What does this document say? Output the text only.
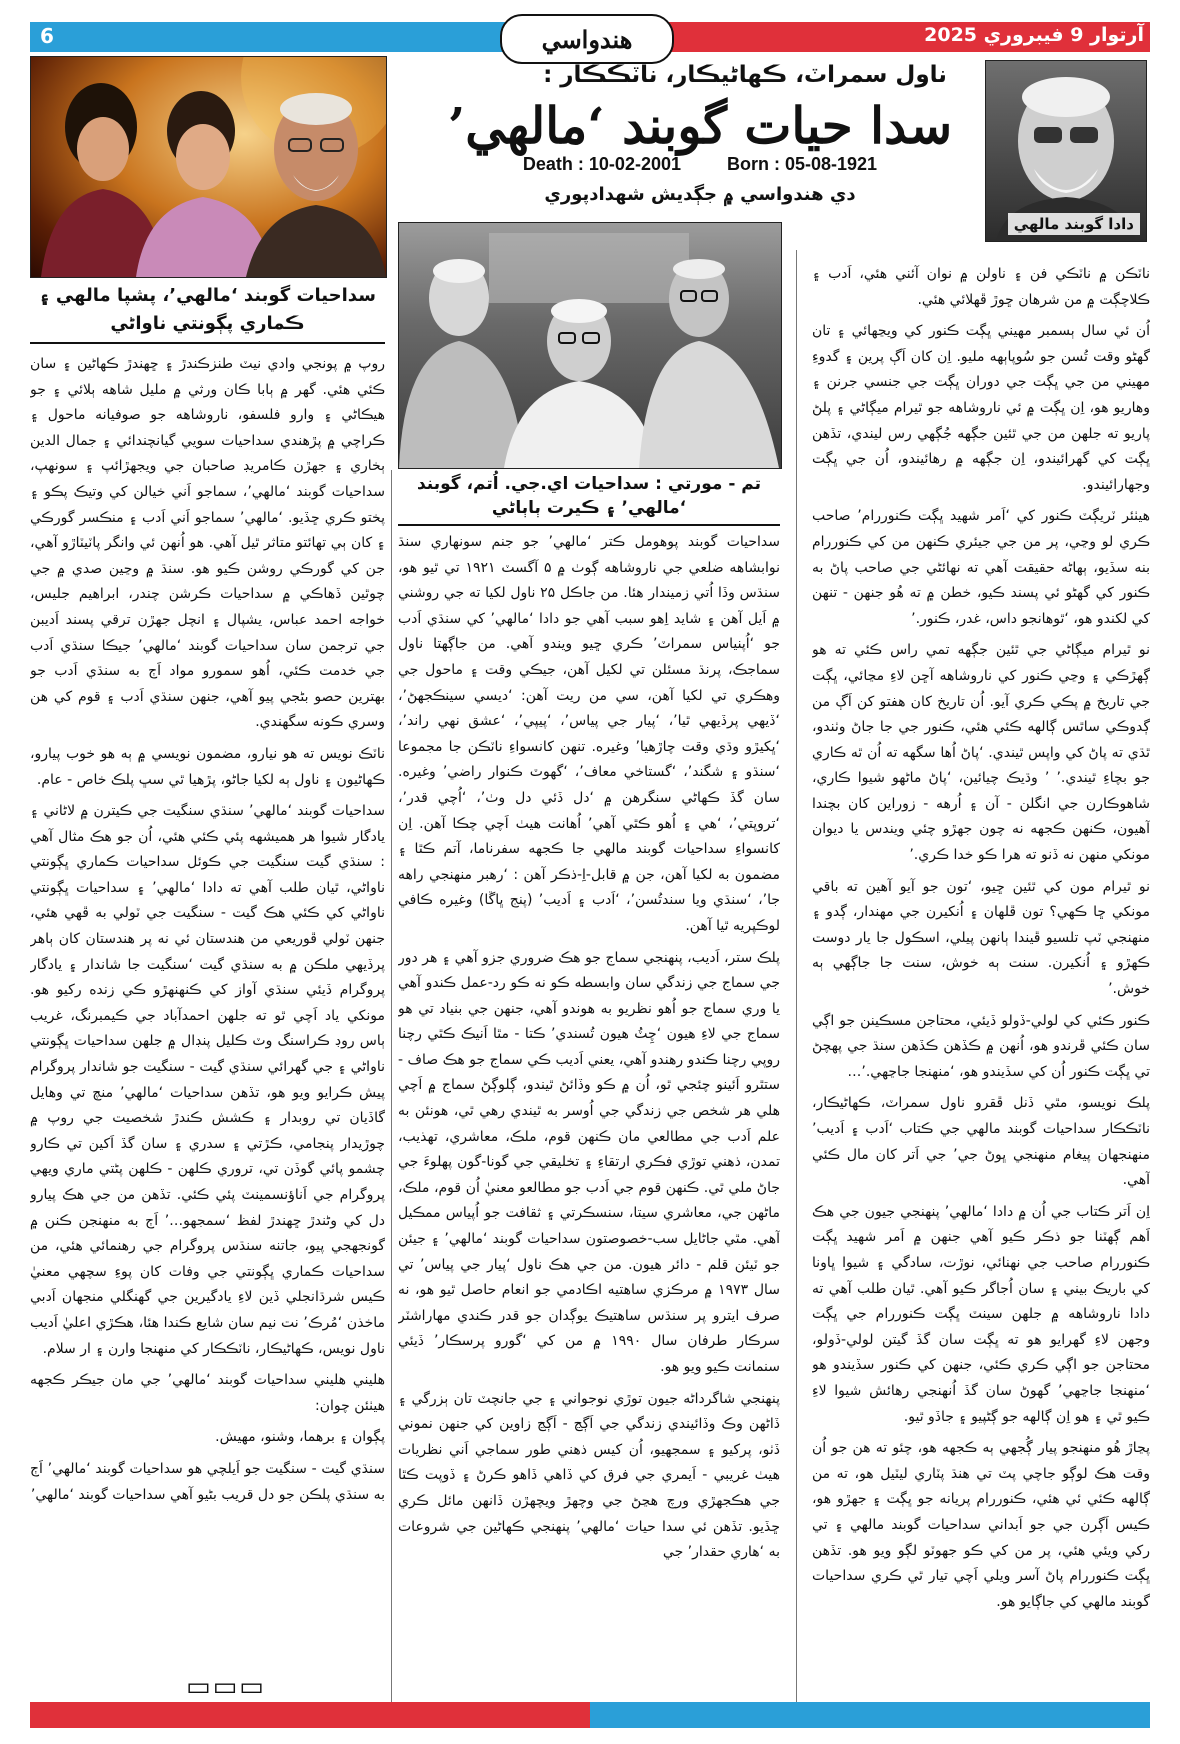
6	هندواسي	آرتوار 9 فيبروري 2025
سداحيات گوبند ‘مالهي’، پشپا مالهي ۽ ڪماري پڳونتي ناواڻي
ناول سمراٽ، ڪهاڻيڪار، ناٽڪڪار :
سدا حيات گوبند ‘مالهي’
Death : 10-02-2001	Born : 05-08-1921
دي هندواسي ۾ جڳديش شهدادپوري
تم - مورتي : سداحيات اي.جي. اُتم، گوبند ‘مالهي’ ۽ ڪيرت ٻاٻاڻي
دادا گوبند مالهي

ناٽڪن ۾ ناٽڪي فن ۽ ناولن ۾ نوان آئني هئي، اَدب ۽ ڪلاچڳت ۾ من شرهان ڇوڙ ڦهلائي هئي.

اُن ئي سال ٻسمبر مهيني ڀڳت ڪنور کي ويڃهائي ۽ تان گهڻو وقت تُسن جو سُوپاٻهه مليو. اِن کان اَڳ پرين ۽ گدوءِ مهيني من جي ڀڳت جي دوران ڀڳت جي جنسي جرنن ۽ وهاريو هو، اِن ڀڳت ۾ ئي ناروشاهه جو ٿيرام ميڳاڻي ۽ پلڻ پاريو ته جلهن من جي ٿئين جڳهه جُڳهي رس ليندي، تڏهن ڀڳت کي گهرائيندو، اِن جڳهه ۾ رهائيندو، اُن جي ڀڳت وجهارائيندو.

هيٺئر ٽريڳٽ ڪنور کي ‘اَمر شهيد ڀڳت ڪنوررام’ صاحب ڪري لو وڃي، پر من جي جيئري ڪنهن من کي ڪنوررام بنه سڏيو، ٻهاڻه حقيقت آهي ته نهائڻي جي صاحب پاڻ به ڪنور کي گهڻو ئي پسند ڪيو، خطن ۾ ته هُو جنهن - تنهن کي لکندو هو، ‘ٿوهانجو داس، غدر، ڪنور.’

نو ٿيرام ميڳاڻي جي ٿئين جڳهه تمي راس ڪئي ته هو ڳهڙڪي ۽ وڃي ڪنور کي ناروشاهه آڇن لاءِ مڃائي، ڀڳت جي تاريخ ۾ پڪي ڪري آيو. اُن تاريخ کان هفتو کن اَڳ من ڳدوڪي ساٿس ڳالهه ڪئي هئي، ڪنور جي جا جاڻ وٺندو، ٿڌي ته پاڻ کي واپس ٿيندي. ‘پاڻ اُها سگهه ته اُن ٿه ڪاري جو بچاءِ ٿيندي.’ ’ وڌيڪ چيائين، ‘پاڻ ماڻهو شيوا ڪاري، شاهوڪارن جي انگلن - آن ۽ اُرهه - زوراين کان بچندا آهيون، ڪنهن ڪجهه نه چون جهڙو چئي ويندس يا ديوان مونکي منهن نه ڏنو ته هرا ڪو خدا ڪري.’

نو ٿيرام مون کي ٿئين ڇيو، ‘تون جو آيو آهين ته باقي مونکي ڇا ڪهي؟ تون ڦلهان ۽ اُنکيرن جي مهندار، ڳدو ۽ منهنجي ٽپ تلسيو ڦيندا ٻانهن پيلي، اسڪول جا يار دوست ڪهڙو ۽ اُنکيرن. سنت ٻه خوش، سنت جا جاڳهي ٻه خوش.’

ڪنور ڪئي کي لولي-ڏولو ڏيئي، محتاجن مسڪينن جو اڳي سان ڪئي ڦرندو هو، اُنهن ۾ ڪڏهن ڪڏهن سنڌ جي پهچڻ تي ڀڳت ڪنور اُن کي سڏيندو هو، ‘منهنجا جاڃهي.’…

پلڪ نويسو، مٿي ڏنل ڦقرو ناول سمراٽ، ڪهاڻيڪار، ناٽڪڪار سداحيات گوبند مالهي جي ڪتاب ‘اَدب ۽ اَديب’ منهنجهان پيغام منهنجي ڀوڻ جي’ جي اَتر کان مال ڪئي آهي.

اِن اَتر ڪتاب جي اُن ۾ دادا ‘مالهي’ پنهنجي جيون جي هڪ اَهم ڳهٽنا جو ذڪر ڪيو آهي جنهن ۾ اَمر شهيد ڀڳت ڪنوررام صاحب جي نهنائي، نوڙت، سادگي ۽ شيوا ڀاونا کي باريڪ بيني ۽ سان اُجاگر ڪيو آهي. ٿيان طلب آهي ته دادا ناروشاهه ۾ جلهن سينٽ ڀڳت ڪنوررام جي ڀڳت وجهن لاءِ گهرايو هو ته ڀڳت سان گڏ گيتن لولي-ڏولو، محتاجن جو اڳي ڪري ڪئي، جنهن کي ڪنور سڏيندو هو ‘منهنجا جاڃهي’ گهوڻ سان گڏ اُنهنجي رهائش شيوا لاءِ ڪيو ٿي ۽ هو اِن ڳالهه جو ڳڻپيو ۽ جاڏو ٿيو.

پڃاڙ هُو منهنجو پيار ڳُجهي ٻه ڪجهه هو، چئو ته هن جو اُن وقت هڪ لوڳو جاچي پٽ تي هنڌ پٽاري ليٽيل هو، ته من ڳالهه ڪئي ئي هئي، ڪنوررام پريانه جو ڀڳت ۽ جهڙو هو، ڪيس اَڳرن جي جو اَبداني سداحيات گوبند مالهي ۽ تي رکي ويئي هئي، پر من کي ڪو جهوٽو لڳو ويو هو. تڏهن ڀڳت ڪنوررام پاڻ آسر ويلي اَچي تيار ٿي ڪري سداحيات گوبند مالهي کي جاڳايو هو.

سداحيات گوبند پوهومل ڪتر ‘مالهي’ جو جنم سونهاري سنڌ نوابشاهه ضلعي جي ناروشاهه ڳوٺ ۾ ۵ آگسٽ ۱۹۲۱ تي ٿيو هو، سنڌس وڏا اُتي زميندار هئا. من جاڪل ۲۵ ناول لکيا ته جي روشني ۾ اَيل آهن ۽ شايد اِهو سبب آهي جو دادا ‘مالهي’ کي سنڌي اَدب جو ‘اُپنياس سمراٽ’ ڪري ڇيو ويندو آهي. من جاڳهتا ناول سماجڪ، پرنڌ مسئلن تي لکيل آهن، جيڪي وقت ۽ ماحول جي وهڪري تي لکيا آهن، سي من ريت آهن: ‘ديسي سينڪجهڻ’، ‘ڏيهي پرڏيهي ٿيا’، ‘پيار جي پياس’، ‘پيپي’، ‘عشق نهي راند’، ‘ڀکيڙو وڌي وقت چاڙهيا’ وغيره. تنهن کانسواءِ ناٽڪن جا مجموعا ‘سنڌو ۽ شگند’، ‘گستاخي معاف’، ‘گهوٽ ڪنوار راضي’ وغيره. سان گڏ ڪهاڻي سنگرهن ۾ ‘دل ڏئي دل وٺ’، ‘اُچي قدر’، ‘تروپتي’، ‘هي ۽ اُهو ڪٿي آهي’ اُهانت هيٺ اَچي چڪا آهن. اِن کانسواءِ سداحيات گوبند مالهي جا ڪجهه سفرناما، آتم ڪٿا ۽ مضمون به لکيا آهن، جن ۾ قابل-اِ-ذڪر آهن : ‘رهبر منهنجي راهه جا’، ‘سنڌي ويا سندتُسن’، ‘اَدب ۽ اَديب’ (پنج ڀاڱا) وغيره ڪافي لوڪپريه ٿيا آهن.

پلڪ ستر، اَديب، پنهنجي سماج جو هڪ ضروري جزو آهي ۽ هر دور جي سماج جي زندگي سان وابسطه ڪو نه ڪو رد-عمل ڪندو آهي يا وري سماج جو اُهو نظريو به هوندو آهي، جنهن جي بنياد تي هو سماج جي لاءِ هيون ‘چِٽُ هيون تُسندي’ ڪتا - مٿا اَنيڪ ڪٿي رچنا روپي رچنا ڪندو رهندو آهي، يعني اَديب ڪي سماج جو هڪ صاف - ستٿرو اَئينو چئجي ٿو، اُن ۾ ڪو وڏائڻ ٿيندو، ڳلوڳڻ سماج ۾ اَچي هلي هر شخص جي زندگي جي اُوسر به ٿيندي رهي ٿي، هونئن به علم اَدب جي مطالعي مان ڪنهن قوم، ملڪ، معاشري، تهذيب، تمدن، ذهني توڙي فڪري ارتقاءِ ۽ تخليقي جي گونا-گون پهلوءَ جي جاڻ ملي ٿي. ڪنهن قوم جي اَدب جو مطالعو معنيٰ اُن قوم، ملڪ، ماڻهن جي، معاشري سيتا، سنسڪرتي ۽ ثقافت جو اُپياس ممڪيل آهي. مٿي جاڻايل سب-خصوصتون سداحيات گوبند ‘مالهي’ ۽ جيئن جو ٽيئن قلم - دائر هيون. من جي هڪ ناول ‘پيار جي پياس’ تي سال ۱۹۷۳ ۾ مرڪزي ساهتيه اڪادمي جو انعام حاصل ٿيو هو، نه صرف ايترو پر سنڌس ساهتيڪ يوڳدان جو قدر ڪندي مهاراشٽر سرڪار طرفان سال ۱۹۹۰ ۾ من کي ‘گورو پرسڪار’ ڏيئي سنمانت ڪيو ويو هو.

پنهنجي شاگرداڻه جيون توڙي نوجواني ۽ جي جانچٽ تان ٻزرگي ۽ ڏاڻهن وڪ وڏائيندي زندگي جي اَڳڃ - اَڳڃ زاوين کي جنهن نموني ڏٺو، پرکيو ۽ سمجهيو، اُن کيس ذهني طور سماجي اَني نظريات هيٺ غريبي - اَيمري جي فرق کي ڏاهي ڏاهو ڪرڻ ۽ ڏوپت ڪٿا جي هڪجهڙي ورچ هڃڻ جي وچهڙ ويچهڙن ڏانهن مائل ڪري ڇڏيو. تڏهن ئي سدا حيات ‘مالهي’ پنهنجي ڪهاڻين جي شروعات به ‘هاري حقدار’ جي

روپ ۾ پونجي وادي نيٽ طنزڪندڙ ۽ ڇهندڙ ڪهاڻين ۽ سان ڪئي هئي. گهر ۾ ٻابا ڪان ورثي ۾ مليل شاهه ٻلائي ۽ جو هيڪاڻي ۽ وارو فلسفو، ناروشاهه جو صوفيانه ماحول ۽ ڪراچي ۾ پڙهندي سداحيات سويي گيانچندائي ۽ جمال الدين ٻخاري ۽ جهڙن ڪامريڊ صاحبان جي ويجهڙائپ ۽ سونهپ، سداحيات گوبند ‘مالهي’، سماجو اَني خيالن کي وتيڪ پڪو ۽ پختو ڪري ڇڏيو. ‘مالهي’ سماجو اَني اَدب ۽ منڪسر گورڪي ۽ کان ٻي تهائتو متاثر ٿيل آهي. هو اُنهن ئي وانگر پاٽيٽاڙو آهي، جن کي گورڪي روشن ڪيو هو. سنڌ ۾ وڃين صدي ۾ جي چوٿين ڏهاڪي ۾ سداحيات ڪرشن چندر، ابراهيم جليس، خواجه احمد عباس، يشپال ۽ انچل جهڙن ترقي پسند اَديبن جي ترجمن سان سداحيات گوبند ‘مالهي’ جيڪا سنڌي اَدب جي خدمت ڪئي، اُهو سمورو مواد اَڄ به سنڌي اَدب جو بهترين حصو بڻجي پيو آهي، جنهن سنڌي اَدب ۽ قوم کي هن وسري ڪونه سگهندي.

ناٽڪ نويس ته هو نيارو، مضمون نويسي ۾ ٻه هو خوب پيارو، ڪهاڻيون ۽ ناول ٻه لکيا جاڻو، پڙهيا ٿي سڀ پلڪ خاص - عام.

سداحيات گوبند ‘مالهي’ سنڌي سنگيت جي ڪيترن ۾ لاڻاني ۽ يادگار شيوا هر هميشهه پئي ڪئي هئي، اُن جو هڪ مثال آهي : سنڌي گيت سنگيت جي ڪوئل سداحيات ڪماري ڀڳونتي ناواڻي، ٿيان طلب آهي ته دادا ‘مالهي’ ۽ سداحيات ڀڳونتي ناواڻي کي ڪئي هڪ گيت - سنگيت جي ٽولي به ڦهي هئي، جنهن ٽولي ڦوريعي من هندستان ئي نه پر هندستان کان ٻاهر پرڏيهي ملڪن ۾ به سنڌي گيت ‘سنگيت جا شاندار ۽ يادگار پروگرام ڏيئي سنڌي آواز کي ڪنهنهڙو ڪي زنده رکيو هو. مونکي ياد اَچي ٿو ته جلهن احمدآباد جي ڪيمبرنگ، غريب ٻاس روڊ ڪراسنگ وٽ ڪليل پنڊال ۾ جلهن سداحيات ڀڳونتي ناواڻي ۽ جي گهرائي سنڌي گيت - سنگيت جو شاندار پروگرام پيش ڪرايو ويو هو، تڏهن سداحيات ‘مالهي’ منچ تي وهايل گاڏيان تي روبدار ۽ ڪشش ڪندڙ شخصيت جي روپ ۾ چوڙيدار پنجامي، ڪڙتي ۽ سدري ۽ سان گڏ اَکين تي ڪارو چشمو پائي گوڏن تي، تروري ڪلهن - ڪلهن پڻتي ماري ويهي پروگرام جي اَناؤنسمينٽ پئي ڪئي. تڏهن من جي هڪ پيارو دل کي وڻندڙ ڇهندڙ لفظ ‘سمجهو…’ اَڄ به منهنجن ڪنن ۾ گونجهجي پيو، جاتنه سنڌس پروگرام جي رهنمائي هئي، من سداحيات ڪماري ڀڳونتي جي وفات کان پوءِ سچهي معنيٰ ڪيس شرڌانجلي ڏين لاءِ يادگيرين جي گهنگلي منجهان اَدبي ماخذن ‘مُرڪ’ نت نيم سان شايع ڪندا هئا، هڪڙي اعليٰ اَديب ناول نويس، ڪهاڻيڪار، ناٽڪڪار کي منهنجا وارن ۽ ار سلام.

هليني هليني سداحيات گوبند ‘مالهي’ جي مان جيڪر ڪجهه هيٺئن چوان:

پڳوان ۽ برهما، وشنو، مهيش.

سنڌي گيت - سنگيت جو اَيلچي هو سداحيات گوبند ‘مالهي’ اَڄ به سنڌي پلڪن جو دل قريب بڻيو آهي سداحيات گوبند ‘مالهي’

▭▭▭
